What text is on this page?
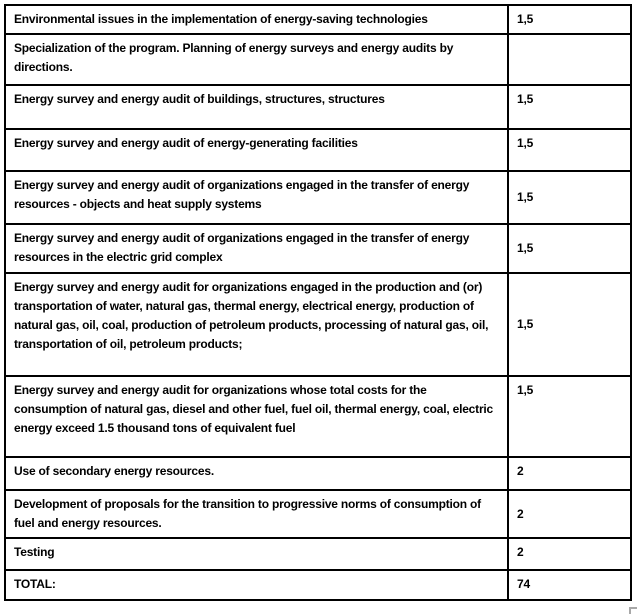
Environmental issues in the implementation of energy-saving technologies	1,5
Specialization of the program. Planning of energy surveys and energy audits by directions.	
Energy survey and energy audit of buildings, structures, structures	1,5
Energy survey and energy audit of energy-generating facilities	1,5
Energy survey and energy audit of organizations engaged in the transfer of energy resources - objects and heat supply systems	1,5
Energy survey and energy audit of organizations engaged in the transfer of energy resources in the electric grid complex	1,5
Energy survey and energy audit for organizations engaged in the production and (or) transportation of water, natural gas, thermal energy, electrical energy, production of natural gas, oil, coal, production of petroleum products, processing of natural gas, oil, transportation of oil, petroleum products;	1,5
Energy survey and energy audit for organizations whose total costs for the consumption of natural gas, diesel and other fuel, fuel oil, thermal energy, coal, electric energy exceed 1.5 thousand tons of equivalent fuel	1,5
Use of secondary energy resources.	2
Development of proposals for the transition to progressive norms of consumption of fuel and energy resources.	2
Testing	2
TOTAL:	74
